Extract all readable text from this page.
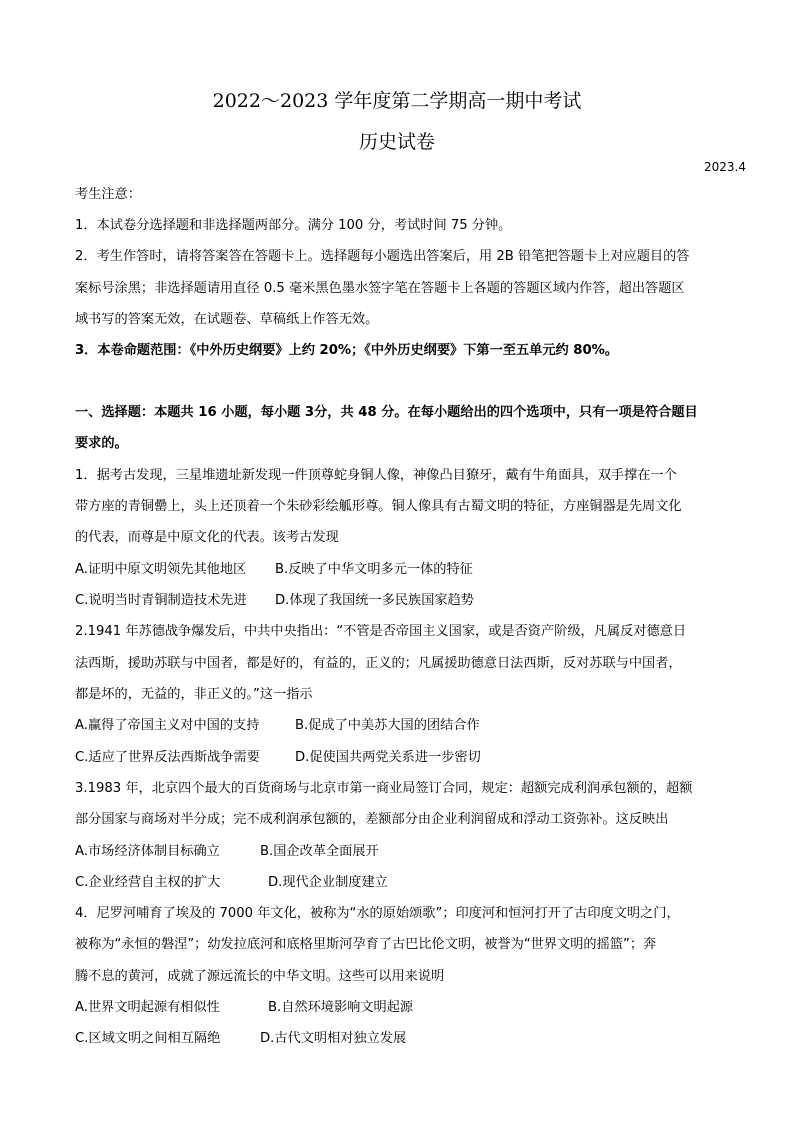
2022～2023 学年度第二学期高一期中考试
历史试卷
2023.4
考生注意：
1．本试卷分选择题和非选择题两部分。满分 100 分，考试时间 75 分钟。
2．考生作答时，请将答案答在答题卡上。选择题每小题选出答案后，用 2B 铅笔把答题卡上对应题目的答
案标号涂黑；非选择题请用直径 0.5 毫米黑色墨水签字笔在答题卡上各题的答题区域内作答，超出答题区
域书写的答案无效，在试题卷、草稿纸上作答无效。
3．本卷命题范围：《中外历史纲要》上约 20%；《中外历史纲要》下第一至五单元约 80%。
一、选择题：本题共 16 小题，每小题 3分，共 48 分。在每小题给出的四个选项中，只有一项是符合题目
要求的。
1．据考古发现，三星堆遗址新发现一件顶尊蛇身铜人像，神像凸目獠牙，戴有牛角面具，双手撑在一个
带方座的青铜罍上，头上还顶着一个朱砂彩绘觚形尊。铜人像具有古蜀文明的特征，方座铜器是先周文化
的代表，而尊是中原文化的代表。该考古发现
A.证明中原文明领先其他地区 B.反映了中华文明多元一体的特征
C.说明当时青铜制造技术先进 D.体现了我国统一多民族国家趋势
2.1941 年苏德战争爆发后，中共中央指出：“不管是否帝国主义国家，或是否资产阶级，凡属反对德意日
法西斯，援助苏联与中国者，都是好的，有益的，正义的；凡属援助德意日法西斯，反对苏联与中国者，
都是坏的，无益的，非正义的。”这一指示
A.赢得了帝国主义对中国的支持	B.促成了中美苏大国的团结合作
C.适应了世界反法西斯战争需要	D.促使国共两党关系进一步密切
3.1983 年，北京四个最大的百货商场与北京市第一商业局签订合同，规定：超额完成利润承包额的，超额
部分国家与商场对半分成；完不成利润承包额的，差额部分由企业利润留成和浮动工资弥补。这反映出
A.市场经济体制目标确立	B.国企改革全面展开
C.企业经营自主权的扩大	D.现代企业制度建立
4．尼罗河哺育了埃及的 7000 年文化，被称为“水的原始颂歌”；印度河和恒河打开了古印度文明之门，
被称为“永恒的磐涅”；幼发拉底河和底格里斯河孕育了古巴比伦文明，被誉为“世界文明的摇篮”；奔
腾不息的黄河，成就了源远流长的中华文明。这些可以用来说明
A.世界文明起源有相似性	B.自然环境影响文明起源
C.区域文明之间相互隔绝	D.古代文明相对独立发展
